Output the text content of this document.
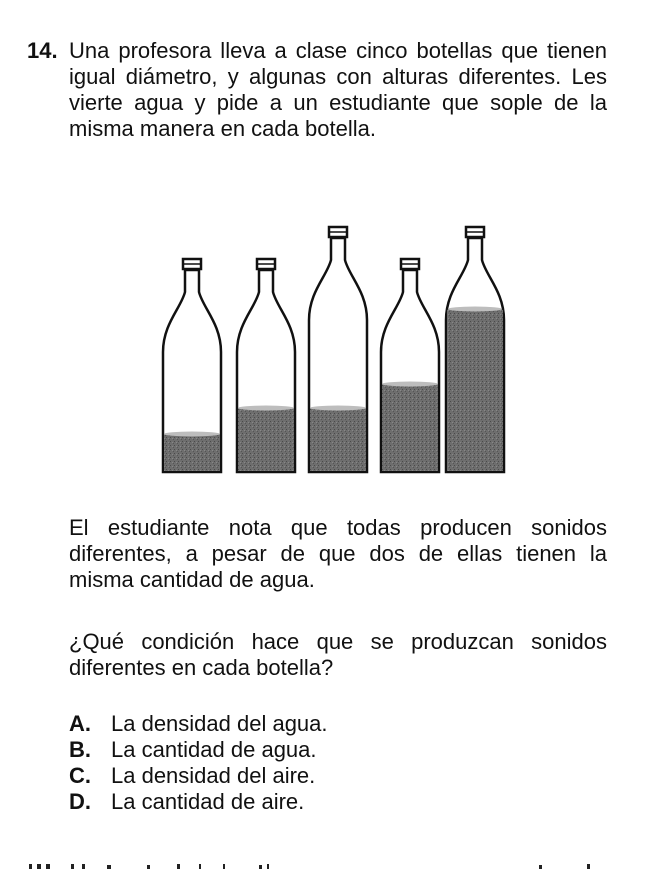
14. Una profesora lleva a clase cinco botellas que tienen igual diámetro, y algunas con alturas diferentes. Les vierte agua y pide a un estudiante que sople de la misma manera en cada botella.
El estudiante nota que todas producen sonidos diferentes, a pesar de que dos de ellas tienen la misma cantidad de agua.
¿Qué condición hace que se produzcan sonidos diferentes en cada botella?
A. La densidad del agua.
B. La cantidad de agua.
C. La densidad del aire.
D. La cantidad de aire.
